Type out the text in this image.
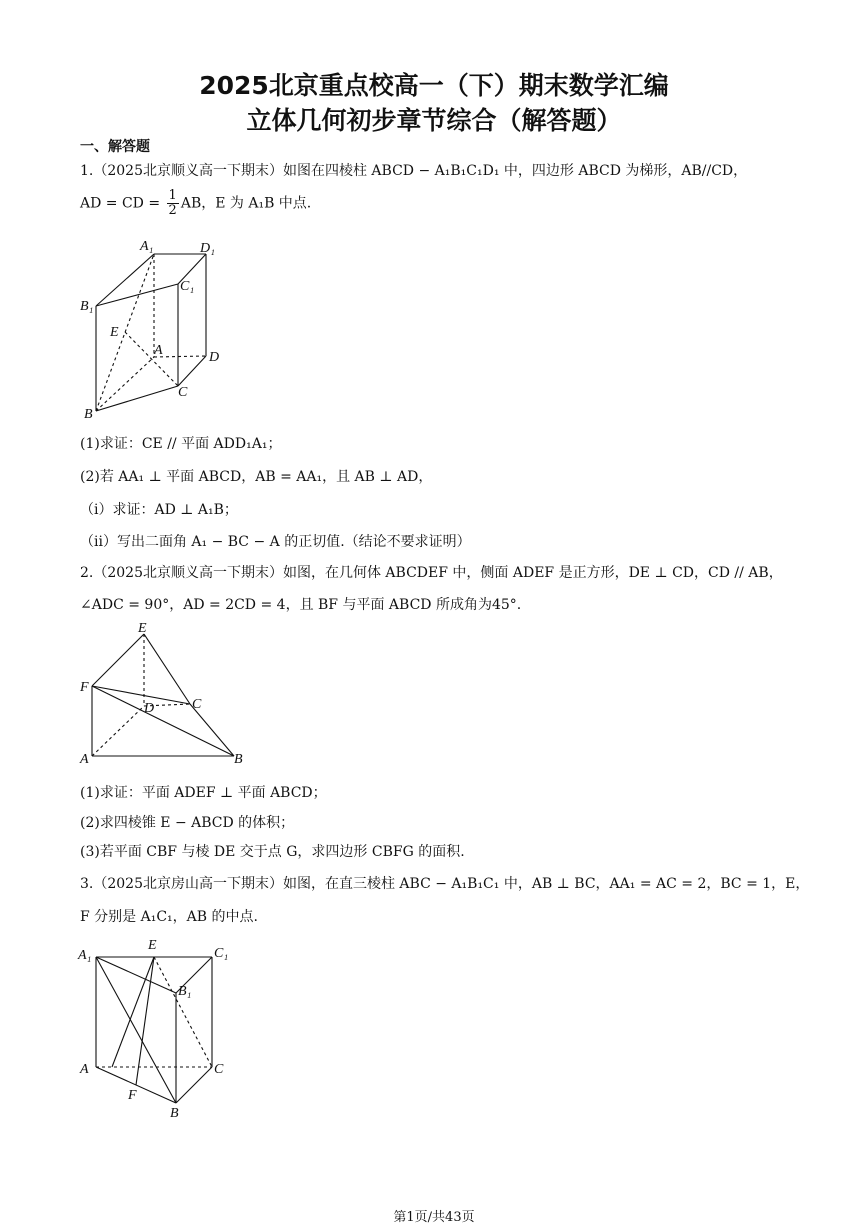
2025北京重点校高一（下）期末数学汇编
立体几何初步章节综合（解答题）
一、解答题
1.（2025北京顺义高一下期末）如图在四棱柱 ABCD − A₁B₁C₁D₁ 中，四边形 ABCD 为梯形，AB//CD，
AD = CD = $\frac{1}{2}$ AB，E 为 A₁B 中点.
A₁	D₁
C₁
B₁
E
A	D
C
B
(1)求证：CE // 平面 ADD₁A₁；
(2)若 AA₁ ⊥ 平面 ABCD，AB = AA₁，且 AB ⊥ AD，
（i）求证：AD ⊥ A₁B；
（ii）写出二面角 A₁ − BC − A 的正切值.（结论不要求证明）
2.（2025北京顺义高一下期末）如图，在几何体 ABCDEF 中，侧面 ADEF 是正方形，DE ⊥ CD，CD // AB，
∠ADC = 90°，AD = 2CD = 4，且 BF 与平面 ABCD 所成角为45°.
E
F
D	C
A	B
(1)求证：平面 ADEF ⊥ 平面 ABCD；
(2)求四棱锥 E − ABCD 的体积；
(3)若平面 CBF 与棱 DE 交于点 G，求四边形 CBFG 的面积.
3.（2025北京房山高一下期末）如图，在直三棱柱 ABC − A₁B₁C₁ 中，AB ⊥ BC，AA₁ = AC = 2，BC = 1，E，
F 分别是 A₁C₁，AB 的中点.
A₁
E
C₁
B₁
A	C
F
B
第1页/共43页
